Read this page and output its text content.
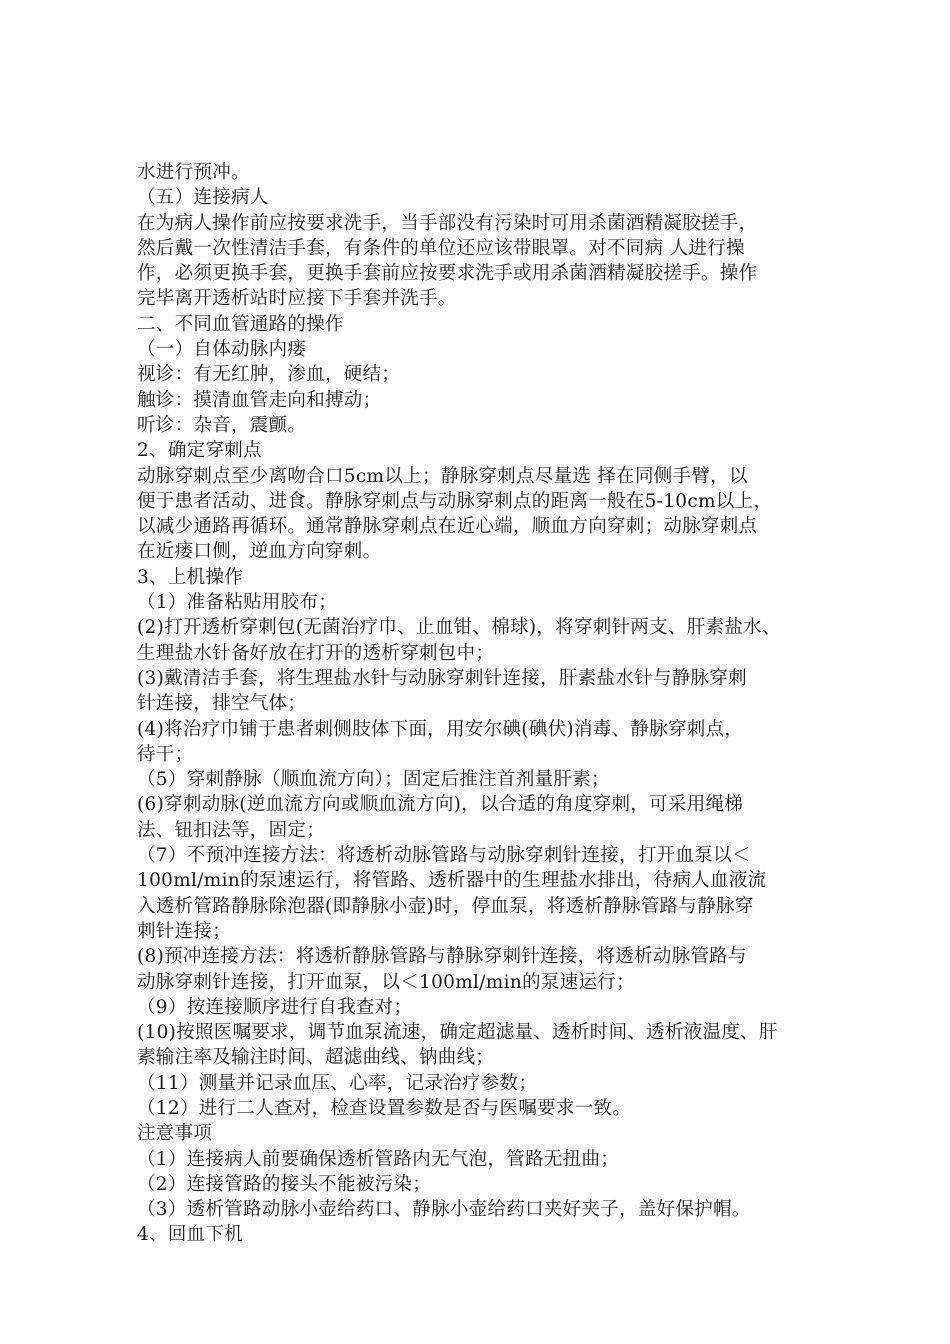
水进行预冲。
（五）连接病人
在为病人操作前应按要求洗手，当手部没有污染时可用杀菌酒精凝胶搓手，
然后戴一次性清洁手套，有条件的单位还应该带眼罩。对不同病 人进行操
作，必须更换手套，更换手套前应按要求洗手或用杀菌酒精凝胶搓手。操作
完毕离开透析站时应接下手套并洗手。
二、不同血管通路的操作
（一）自体动脉内瘘
视诊：有无红肿，渗血，硬结；
触诊：摸清血管走向和搏动；
听诊：杂音，震颤。
2、确定穿刺点
动脉穿刺点至少离吻合口5cm以上；静脉穿刺点尽量选 择在同侧手臂，以
便于患者活动、进食。静脉穿刺点与动脉穿刺点的距离一般在5-10cm以上，
以减少通路再循环。通常静脉穿刺点在近心端，顺血方向穿刺；动脉穿刺点
在近瘘口侧，逆血方向穿刺。
3、上机操作
（1）准备粘贴用胶布；
(2)打开透析穿刺包(无菌治疗巾、止血钳、棉球)，将穿刺针两支、肝素盐水、
生理盐水针备好放在打开的透析穿刺包中；
(3)戴清洁手套，将生理盐水针与动脉穿刺针连接，肝素盐水针与静脉穿刺
针连接，排空气体；
(4)将治疗巾铺于患者刺侧肢体下面，用安尔碘(碘伏)消毒、静脉穿刺点，
待干；
（5）穿刺静脉（顺血流方向）；固定后推注首剂量肝素；
(6)穿刺动脉(逆血流方向或顺血流方向)，以合适的角度穿刺，可采用绳梯
法、钮扣法等，固定；
（7）不预冲连接方法：将透析动脉管路与动脉穿刺针连接，打开血泵以＜
100ml/min的泵速运行，将管路、透析器中的生理盐水排出，待病人血液流
入透析管路静脉除泡器(即静脉小壶)时，停血泵，将透析静脉管路与静脉穿
刺针连接；
(8)预冲连接方法：将透析静脉管路与静脉穿刺针连接，将透析动脉管路与
动脉穿刺针连接，打开血泵，以＜100ml/min的泵速运行；
（9）按连接顺序进行自我查对；
(10)按照医嘱要求，调节血泵流速，确定超滤量、透析时间、透析液温度、肝
素输注率及输注时间、超滤曲线、钠曲线；
（11）测量并记录血压、心率，记录治疗参数；
（12）进行二人查对，检查设置参数是否与医嘱要求一致。
注意事项
（1）连接病人前要确保透析管路内无气泡，管路无扭曲；
（2）连接管路的接头不能被污染；
（3）透析管路动脉小壶给药口、静脉小壶给药口夹好夹子，盖好保护帽。
4、回血下机
